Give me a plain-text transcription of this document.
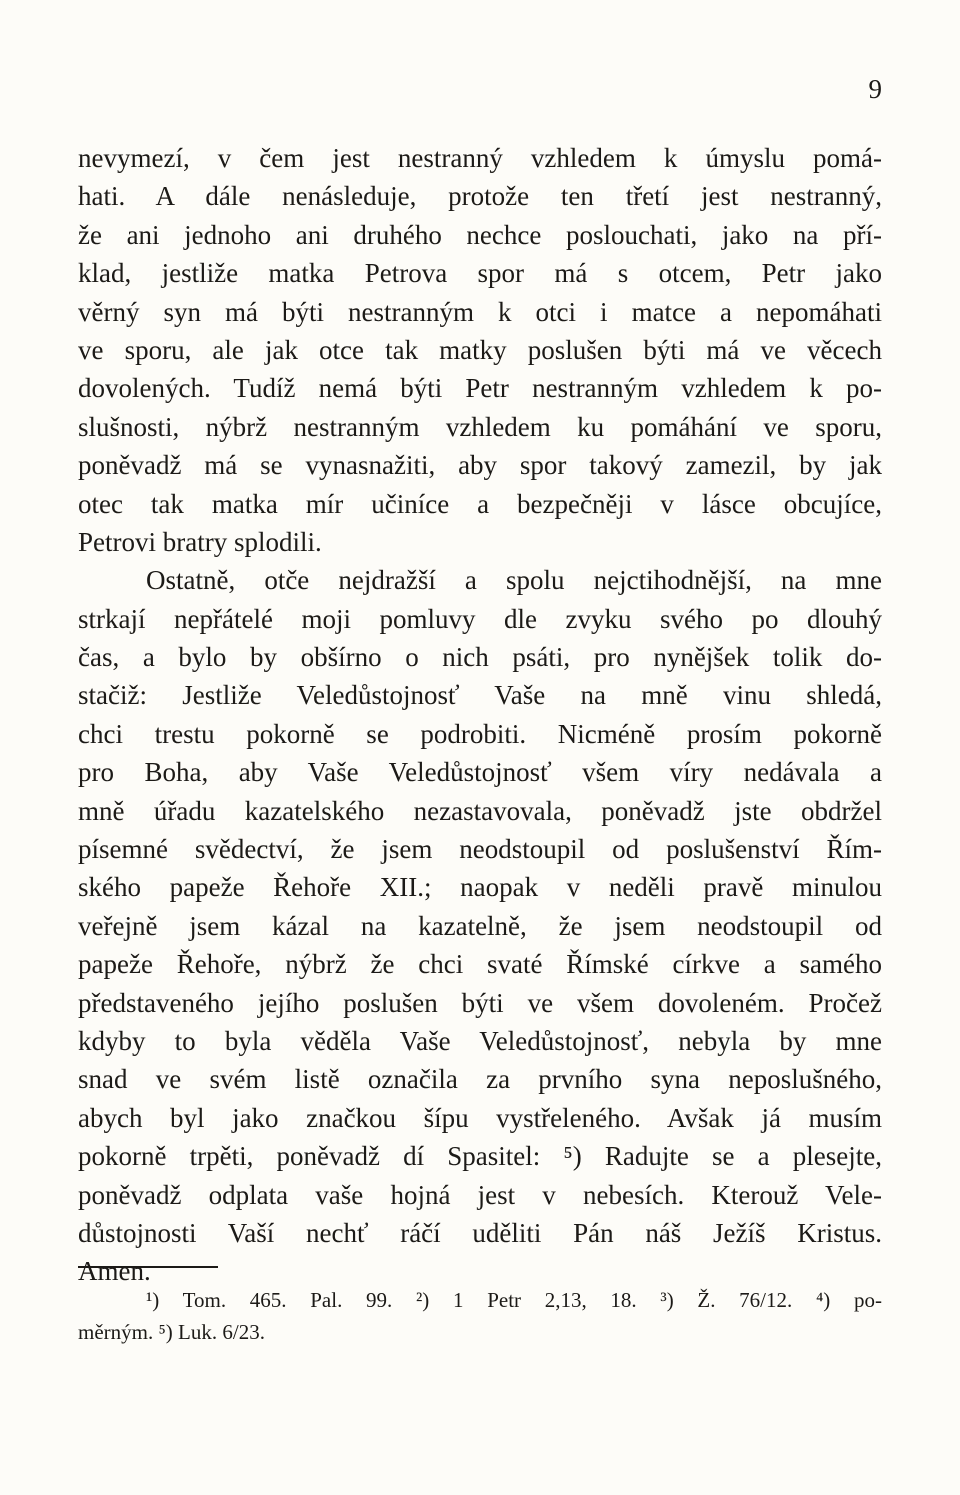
9
nevymezí, v čem jest nestranný vzhledem k úmyslu pomá-
hati. A dále nenásleduje, protože ten třetí jest nestranný,
že ani jednoho ani druhého nechce poslouchati, jako na pří-
klad, jestliže matka Petrova spor má s otcem, Petr jako
věrný syn má býti nestranným k otci i matce a nepomáhati
ve sporu, ale jak otce tak matky poslušen býti má ve věcech
dovolených. Tudíž nemá býti Petr nestranným vzhledem k po-
slušnosti, nýbrž nestranným vzhledem ku pomáhání ve sporu,
poněvadž má se vynasnažiti, aby spor takový zamezil, by jak
otec tak matka mír učiníce a bezpečněji v lásce obcujíce,
Petrovi bratry splodili.
Ostatně, otče nejdražší a spolu nejctihodnější, na mne
strkají nepřátelé moji pomluvy dle zvyku svého po dlouhý
čas, a bylo by obšírno o nich psáti, pro nynějšek tolik do-
stačiž: Jestliže Veledůstojnosť Vaše na mně vinu shledá,
chci trestu pokorně se podrobiti. Nicméně prosím pokorně
pro Boha, aby Vaše Veledůstojnosť všem víry nedávala a
mně úřadu kazatelského nezastavovala, poněvadž jste obdržel
písemné svědectví, že jsem neodstoupil od poslušenství Řím-
ského papeže Řehoře XII.; naopak v neděli pravě minulou
veřejně jsem kázal na kazatelně, že jsem neodstoupil od
papeže Řehoře, nýbrž že chci svaté Římské církve a samého
představeného jejího poslušen býti ve všem dovoleném. Pročež
kdyby to byla věděla Vaše Veledůstojnosť, nebyla by mne
snad ve svém listě označila za prvního syna neposlušného,
abych byl jako značkou šípu vystřeleného. Avšak já musím
pokorně trpěti, poněvadž dí Spasitel: ⁵) Radujte se a plesejte,
poněvadž odplata vaše hojná jest v nebesích. Kterouž Vele-
důstojnosti Vaší nechť ráčí uděliti Pán náš Ježíš Kristus.
Amen.
¹) Tom. 465. Pal. 99. ²) 1 Petr 2,13, 18. ³) Ž. 76/12. ⁴) po-
měrným. ⁵) Luk. 6/23.
